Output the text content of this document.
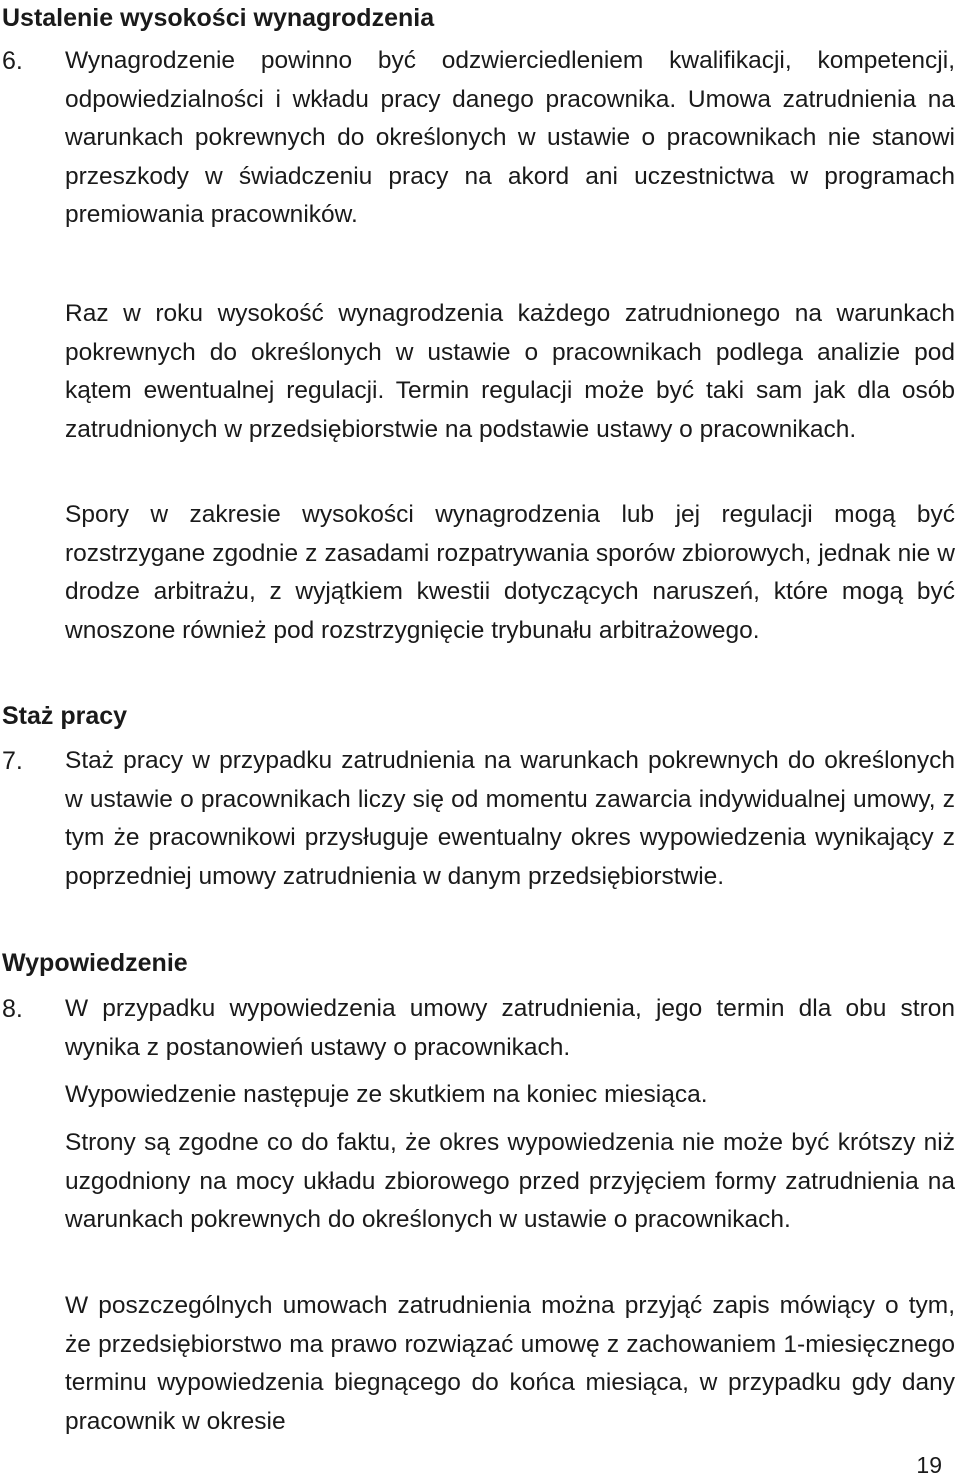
Ustalenie wysokości wynagrodzenia
6. Wynagrodzenie powinno być odzwierciedleniem kwalifikacji, kompetencji, odpowiedzialności i wkładu pracy danego pracownika. Umowa zatrudnienia na warunkach pokrewnych do określonych w ustawie o pracownikach nie stanowi przeszkody w świadczeniu pracy na akord ani uczestnictwa w programach premiowania pracowników.

Raz w roku wysokość wynagrodzenia każdego zatrudnionego na warunkach pokrewnych do określonych w ustawie o pracownikach podlega analizie pod kątem ewentualnej regulacji. Termin regulacji może być taki sam jak dla osób zatrudnionych w przedsiębiorstwie na podstawie ustawy o pracownikach.

Spory w zakresie wysokości wynagrodzenia lub jej regulacji mogą być rozstrzygane zgodnie z zasadami rozpatrywania sporów zbiorowych, jednak nie w drodze arbitrażu, z wyjątkiem kwestii dotyczących naruszeń, które mogą być wnoszone również pod rozstrzygnięcie trybunału arbitrażowego.

Staż pracy
7. Staż pracy w przypadku zatrudnienia na warunkach pokrewnych do określonych w ustawie o pracownikach liczy się od momentu zawarcia indywidualnej umowy, z tym że pracownikowi przysługuje ewentualny okres wypowiedzenia wynikający z poprzedniej umowy zatrudnienia w danym przedsiębiorstwie.

Wypowiedzenie
8. W przypadku wypowiedzenia umowy zatrudnienia, jego termin dla obu stron wynika z postanowień ustawy o pracownikach.

Wypowiedzenie następuje ze skutkiem na koniec miesiąca.

Strony są zgodne co do faktu, że okres wypowiedzenia nie może być krótszy niż uzgodniony na mocy układu zbiorowego przed przyjęciem formy zatrudnienia na warunkach pokrewnych do określonych w ustawie o pracownikach.

W poszczególnych umowach zatrudnienia można przyjąć zapis mówiący o tym, że przedsiębiorstwo ma prawo rozwiązać umowę z zachowaniem 1-miesięcznego terminu wypowiedzenia biegnącego do końca miesiąca, w przypadku gdy dany pracownik w okresie

19
